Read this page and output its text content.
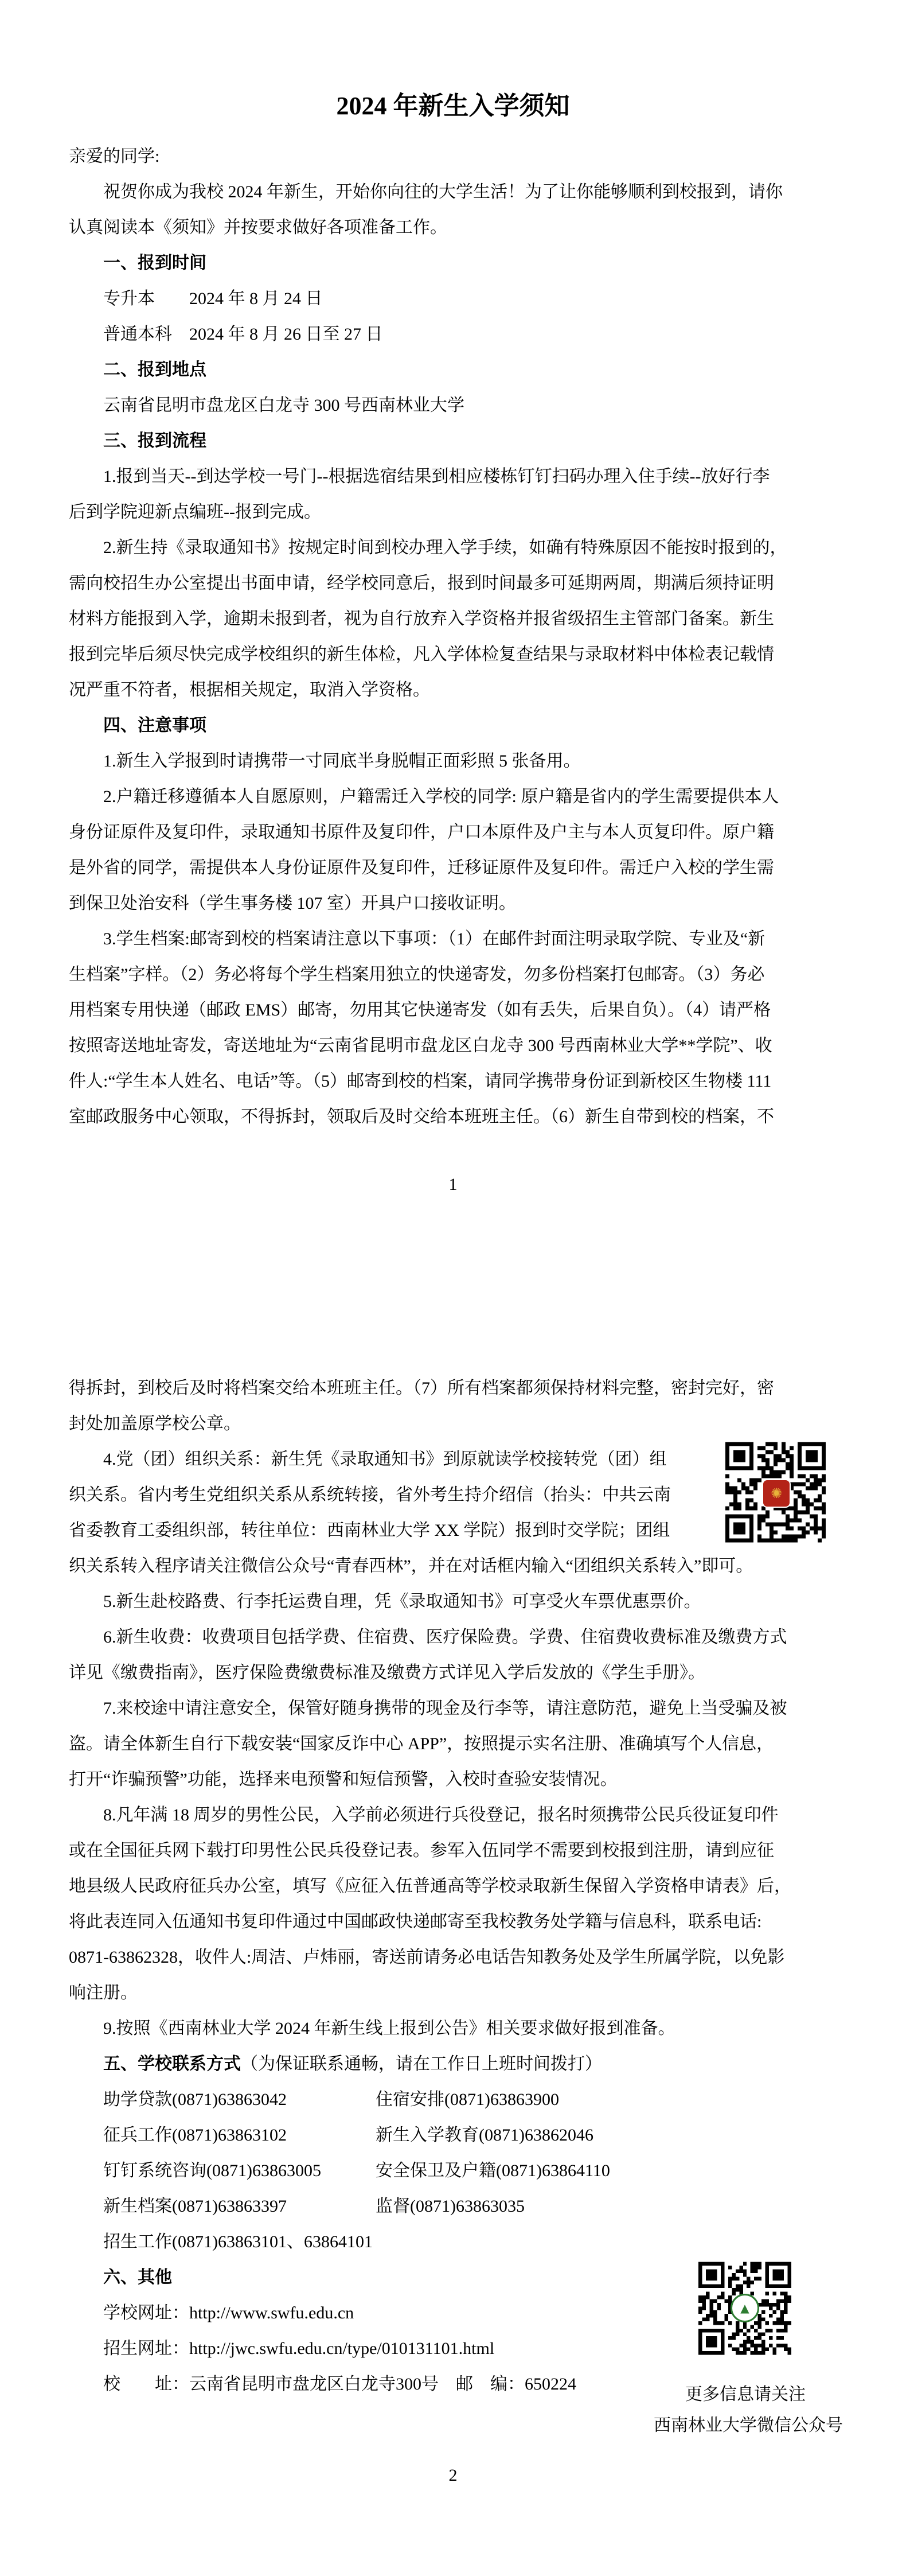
2024 年新生入学须知
亲爱的同学:
祝贺你成为我校 2024 年新生，开始你向往的大学生活！为了让你能够顺利到校报到，请你
认真阅读本《须知》并按要求做好各项准备工作。
一、报到时间
专升本　　2024 年 8 月 24 日
普通本科　2024 年 8 月 26 日至 27 日
二、报到地点
云南省昆明市盘龙区白龙寺 300 号西南林业大学
三、报到流程
1.报到当天--到达学校一号门--根据选宿结果到相应楼栋钉钉扫码办理入住手续--放好行李
后到学院迎新点编班--报到完成。
2.新生持《录取通知书》按规定时间到校办理入学手续，如确有特殊原因不能按时报到的，
需向校招生办公室提出书面申请，经学校同意后，报到时间最多可延期两周，期满后须持证明
材料方能报到入学，逾期未报到者，视为自行放弃入学资格并报省级招生主管部门备案。新生
报到完毕后须尽快完成学校组织的新生体检，凡入学体检复查结果与录取材料中体检表记载情
况严重不符者，根据相关规定，取消入学资格。
四、注意事项
1.新生入学报到时请携带一寸同底半身脱帽正面彩照 5 张备用。
2.户籍迁移遵循本人自愿原则，户籍需迁入学校的同学: 原户籍是省内的学生需要提供本人
身份证原件及复印件，录取通知书原件及复印件，户口本原件及户主与本人页复印件。原户籍
是外省的同学，需提供本人身份证原件及复印件，迁移证原件及复印件。需迁户入校的学生需
到保卫处治安科（学生事务楼 107 室）开具户口接收证明。
3.学生档案:邮寄到校的档案请注意以下事项：（1）在邮件封面注明录取学院、专业及“新
生档案”字样。（2）务必将每个学生档案用独立的快递寄发，勿多份档案打包邮寄。（3）务必
用档案专用快递（邮政 EMS）邮寄，勿用其它快递寄发（如有丢失，后果自负）。（4）请严格
按照寄送地址寄发，寄送地址为“云南省昆明市盘龙区白龙寺 300 号西南林业大学**学院”、收
件人:“学生本人姓名、电话”等。（5）邮寄到校的档案，请同学携带身份证到新校区生物楼 111
室邮政服务中心领取，不得拆封，领取后及时交给本班班主任。（6）新生自带到校的档案，不
1
得拆封，到校后及时将档案交给本班班主任。（7）所有档案都须保持材料完整，密封完好，密
封处加盖原学校公章。
4.党（团）组织关系：新生凭《录取通知书》到原就读学校接转党（团）组
织关系。省内考生党组织关系从系统转接，省外考生持介绍信（抬头：中共云南
省委教育工委组织部，转往单位：西南林业大学 XX 学院）报到时交学院；团组
织关系转入程序请关注微信公众号“青春西林”，并在对话框内输入“团组织关系转入”即可。
5.新生赴校路费、行李托运费自理，凭《录取通知书》可享受火车票优惠票价。
6.新生收费：收费项目包括学费、住宿费、医疗保险费。学费、住宿费收费标准及缴费方式
详见《缴费指南》，医疗保险费缴费标准及缴费方式详见入学后发放的《学生手册》。
7.来校途中请注意安全，保管好随身携带的现金及行李等，请注意防范，避免上当受骗及被
盗。请全体新生自行下载安装“国家反诈中心 APP”，按照提示实名注册、准确填写个人信息，
打开“诈骗预警”功能，选择来电预警和短信预警，入校时查验安装情况。
8.凡年满 18 周岁的男性公民，入学前必须进行兵役登记，报名时须携带公民兵役证复印件
或在全国征兵网下载打印男性公民兵役登记表。参军入伍同学不需要到校报到注册，请到应征
地县级人民政府征兵办公室，填写《应征入伍普通高等学校录取新生保留入学资格申请表》后，
将此表连同入伍通知书复印件通过中国邮政快递邮寄至我校教务处学籍与信息科，联系电话:
0871-63862328，收件人:周洁、卢炜丽，寄送前请务必电话告知教务处及学生所属学院，以免影
响注册。
9.按照《西南林业大学 2024 年新生线上报到公告》相关要求做好报到准备。
五、学校联系方式（为保证联系通畅，请在工作日上班时间拨打）
助学贷款(0871)63863042	住宿安排(0871)63863900
征兵工作(0871)63863102	新生入学教育(0871)63862046
钉钉系统咨询(0871)63863005	安全保卫及户籍(0871)63864110
新生档案(0871)63863397	监督(0871)63863035
招生工作(0871)63863101、63864101
六、其他
学校网址：http://www.swfu.edu.cn
招生网址：http://jwc.swfu.edu.cn/type/010131101.html
校　　址：云南省昆明市盘龙区白龙寺300号　邮　编：650224
2
✺
▲
更多信息请关注
西南林业大学微信公众号
